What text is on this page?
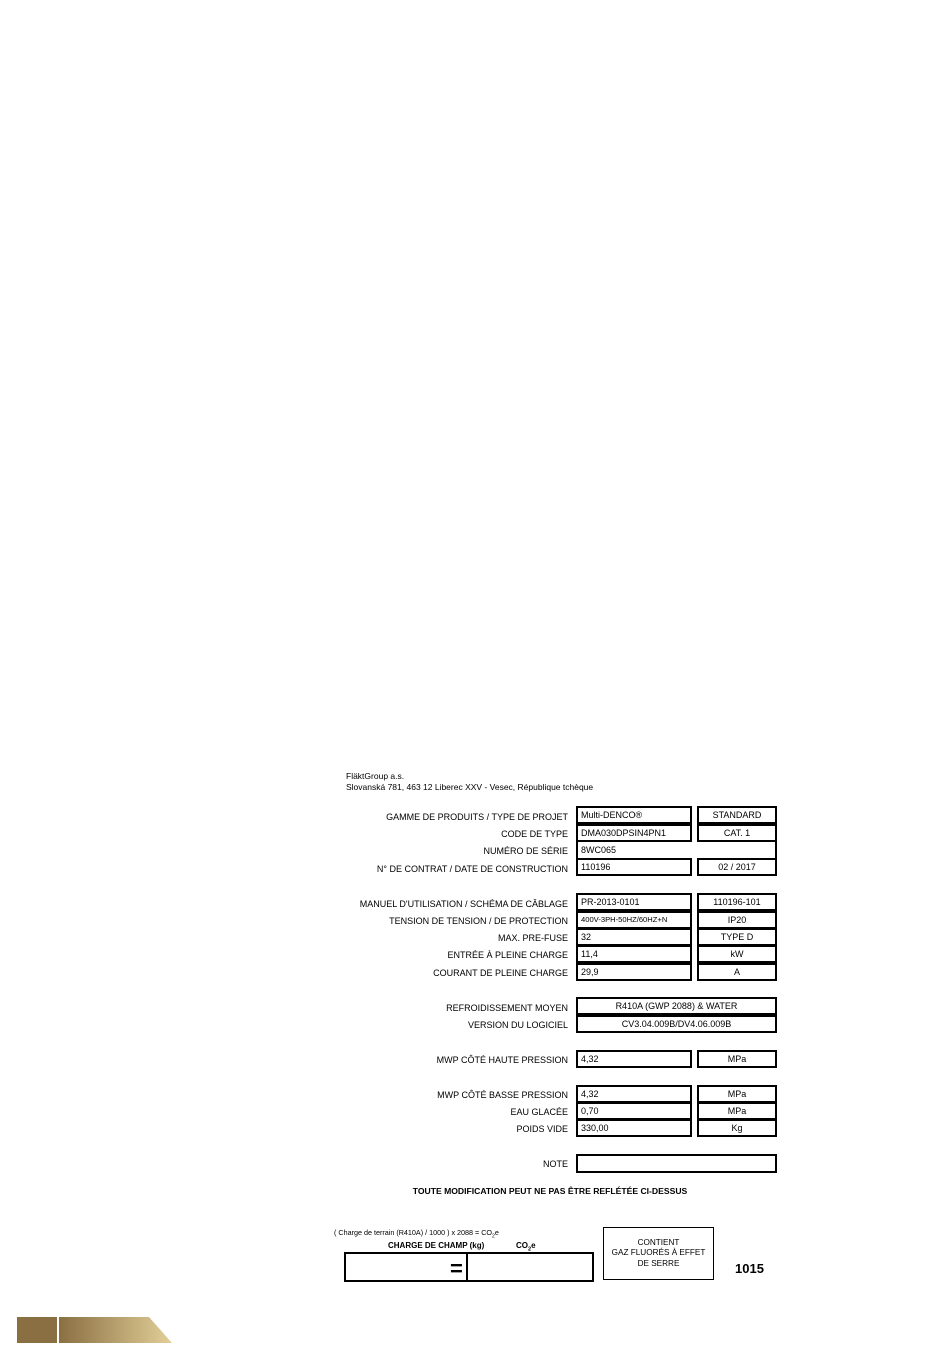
FläktGroup a.s.
Slovanská 781, 463 12 Liberec XXV - Vesec, République tchèque
GAMME DE PRODUITS / TYPE DE PROJET	Multi-DENCO®	STANDARD
CODE DE TYPE	DMA030DPSIN4PN1	CAT. 1
NUMÉRO DE SÉRIE	8WC065
N° DE CONTRAT / DATE DE CONSTRUCTION	110196	02 / 2017
MANUEL D'UTILISATION / SCHÉMA DE CÂBLAGE	PR-2013-0101	110196-101
TENSION DE TENSION / DE PROTECTION	400V-3PH-50HZ/60HZ+N	IP20
MAX. PRE-FUSE	32	TYPE D
ENTRÉE À PLEINE CHARGE	11,4	kW
COURANT DE PLEINE CHARGE	29,9	A
REFROIDISSEMENT MOYEN	R410A (GWP 2088) & WATER
VERSION DU LOGICIEL	CV3.04.009B/DV4.06.009B
MWP CÔTÉ HAUTE PRESSION	4,32	MPa
MWP CÔTÉ BASSE PRESSION	4,32	MPa
EAU GLACÉE	0,70	MPa
POIDS VIDE	330,00	Kg
NOTE
TOUTE MODIFICATION PEUT NE PAS ÊTRE REFLÉTÉE CI-DESSUS
( Charge de terrain (R410A) / 1000 ) x $2088 = CO_2e$
CHARGE DE CHAMP (kg)	$CO_2e$
=
CONTIENT
GAZ FLUORÉS À EFFET
DE SERRE	1015
